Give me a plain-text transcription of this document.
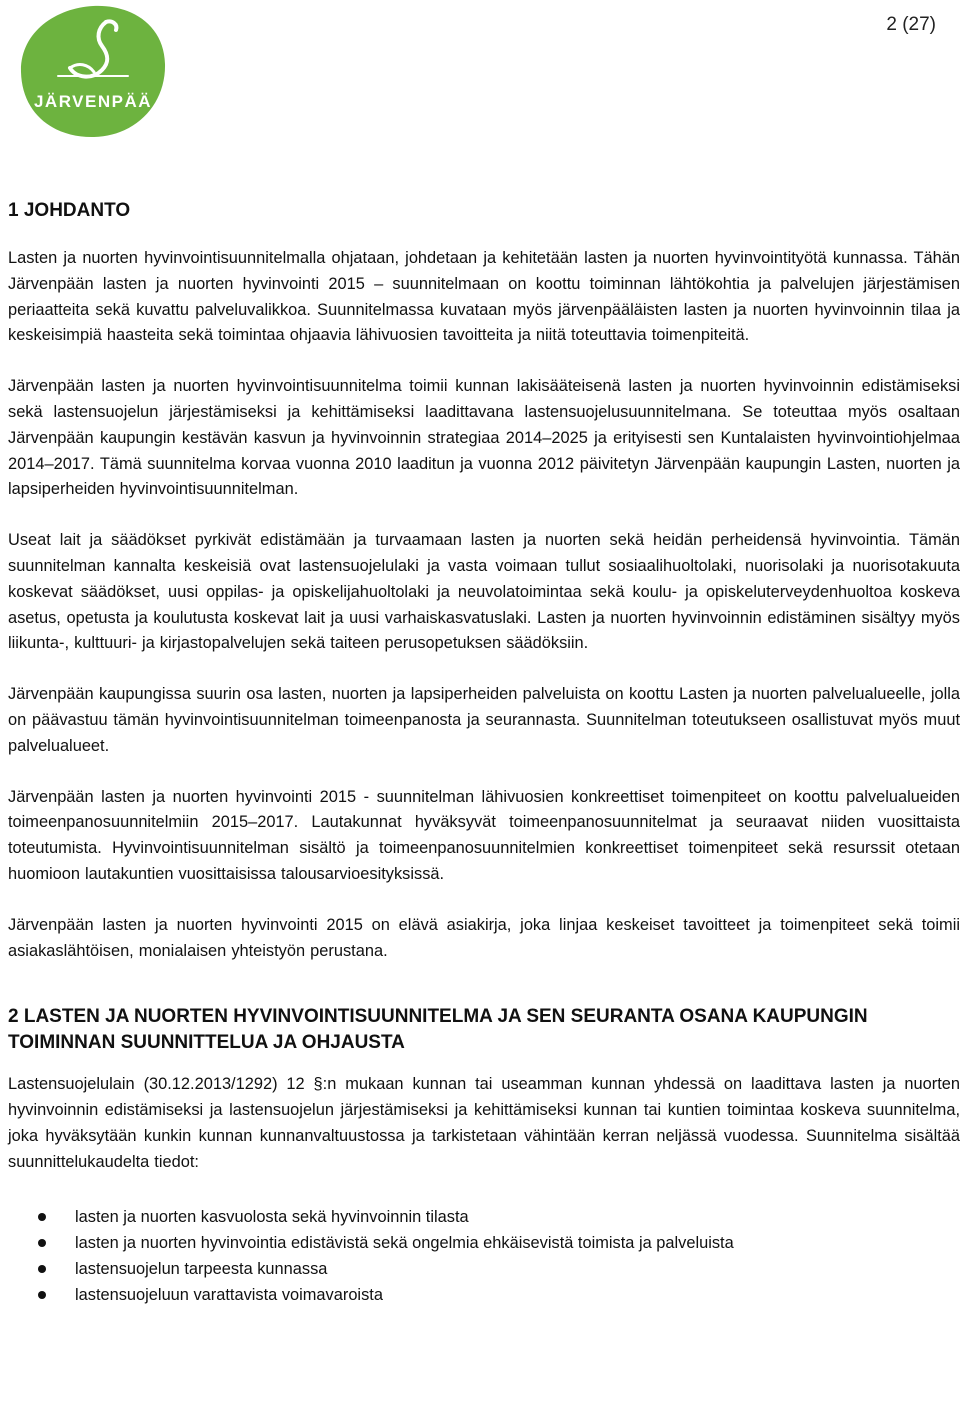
2 (27)
JÄRVENPÄÄ
1 JOHDANTO

Lasten ja nuorten hyvinvointisuunnitelmalla ohjataan, johdetaan ja kehitetään lasten ja nuorten hyvinvointityötä kunnassa. Tähän Järvenpään lasten ja nuorten hyvinvointi 2015 – suunnitelmaan on koottu toiminnan lähtökohtia ja palvelujen järjestämisen periaatteita sekä kuvattu palveluvalikkoa. Suunnitelmassa kuvataan myös järvenpääläisten lasten ja nuorten hyvinvoinnin tilaa ja keskeisimpiä haasteita sekä toimintaa ohjaavia lähivuosien tavoitteita ja niitä toteuttavia toimenpiteitä.

Järvenpään lasten ja nuorten hyvinvointisuunnitelma toimii kunnan lakisääteisenä lasten ja nuorten hyvinvoinnin edistämiseksi sekä lastensuojelun järjestämiseksi ja kehittämiseksi laadittavana lastensuojelusuunnitelmana. Se toteuttaa myös osaltaan Järvenpään kaupungin kestävän kasvun ja hyvinvoinnin strategiaa 2014–2025 ja erityisesti sen Kuntalaisten hyvinvointiohjelmaa 2014–2017. Tämä suunnitelma korvaa vuonna 2010 laaditun ja vuonna 2012 päivitetyn Järvenpään kaupungin Lasten, nuorten ja lapsiperheiden hyvinvointisuunnitelman.

Useat lait ja säädökset pyrkivät edistämään ja turvaamaan lasten ja nuorten sekä heidän perheidensä hyvinvointia. Tämän suunnitelman kannalta keskeisiä ovat lastensuojelulaki ja vasta voimaan tullut sosiaalihuoltolaki, nuorisolaki ja nuorisotakuuta koskevat säädökset, uusi oppilas- ja opiskelijahuoltolaki ja neuvolatoimintaa sekä koulu- ja opiskeluterveydenhuoltoa koskeva asetus, opetusta ja koulutusta koskevat lait ja uusi varhaiskasvatuslaki. Lasten ja nuorten hyvinvoinnin edistäminen sisältyy myös liikunta-, kulttuuri- ja kirjastopalvelujen sekä taiteen perusopetuksen säädöksiin.

Järvenpään kaupungissa suurin osa lasten, nuorten ja lapsiperheiden palveluista on koottu Lasten ja nuorten palvelualueelle, jolla on päävastuu tämän hyvinvointisuunnitelman toimeenpanosta ja seurannasta. Suunnitelman toteutukseen osallistuvat myös muut palvelualueet.

Järvenpään lasten ja nuorten hyvinvointi 2015 - suunnitelman lähivuosien konkreettiset toimenpiteet on koottu palvelualueiden toimeenpanosuunnitelmiin 2015–2017. Lautakunnat hyväksyvät toimeenpanosuunnitelmat ja seuraavat niiden vuosittaista toteutumista. Hyvinvointisuunnitelman sisältö ja toimeenpanosuunnitelmien konkreettiset toimenpiteet sekä resurssit otetaan huomioon lautakuntien vuosittaisissa talousarvioesityksissä.

Järvenpään lasten ja nuorten hyvinvointi 2015 on elävä asiakirja, joka linjaa keskeiset tavoitteet ja toimenpiteet sekä toimii asiakaslähtöisen, monialaisen yhteistyön perustana.

2 LASTEN JA NUORTEN HYVINVOINTISUUNNITELMA JA SEN SEURANTA OSANA KAUPUNGIN TOIMINNAN SUUNNITTELUA JA OHJAUSTA

Lastensuojelulain (30.12.2013/1292) 12 §:n mukaan kunnan tai useamman kunnan yhdessä on laadittava lasten ja nuorten hyvinvoinnin edistämiseksi ja lastensuojelun järjestämiseksi ja kehittämiseksi kunnan tai kuntien toimintaa koskeva suunnitelma, joka hyväksytään kunkin kunnan kunnanvaltuustossa ja tarkistetaan vähintään kerran neljässä vuodessa. Suunnitelma sisältää suunnittelukaudelta tiedot:

lasten ja nuorten kasvuolosta sekä hyvinvoinnin tilasta
lasten ja nuorten hyvinvointia edistävistä sekä ongelmia ehkäisevistä toimista ja palveluista
lastensuojelun tarpeesta kunnassa
lastensuojeluun varattavista voimavaroista
